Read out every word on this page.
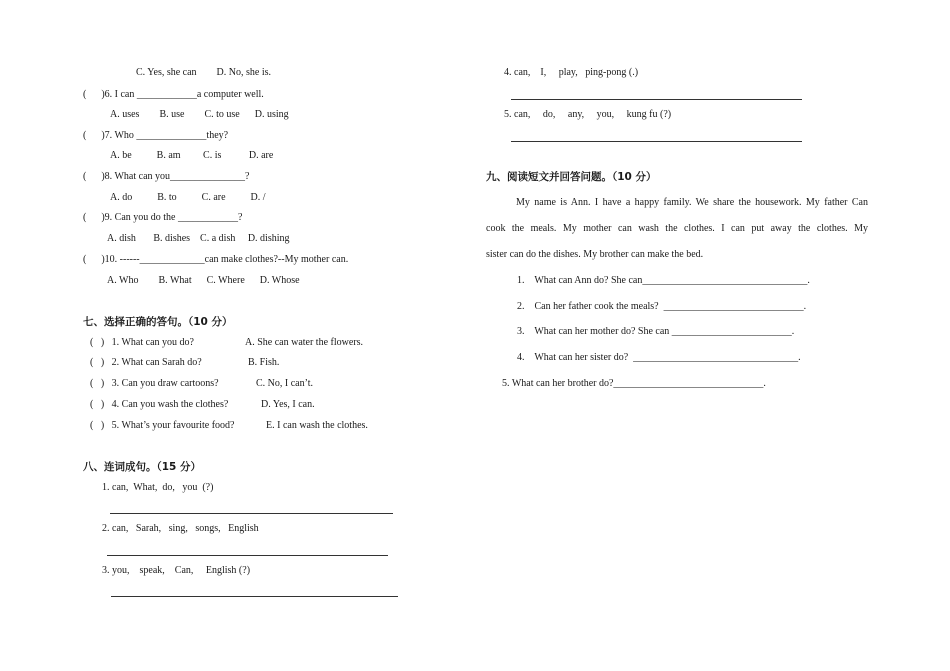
C. Yes, she can        D. No, she is.
(      )6. I can ____________a computer well.
A. uses        B. use        C. to use      D. using
(      )7. Who ______________they?
A. be          B. am         C. is           D. are
(      )8. What can you_______________?
A. do          B. to          C. are          D. /
(      )9. Can you do the ____________?
A. dish       B. dishes    C. a dish     D. dishing
(      )10. ------_____________can make clothes?--My mother can.
A. Who        B. What      C. Where      D. Whose
七、选择正确的答句。（10 分）
(   )   1. What can you do?	A. She can water the flowers.
(   )   2. What can Sarah do?	B. Fish.
(   )   3. Can you draw cartoons?	C. No, I can’t.
(   )   4. Can you wash the clothes?	D. Yes, I can.
(   )   5. What’s your favourite food?	E. I can wash the clothes.
八、连词成句。（15 分）
1. can,  What,  do,   you  (?)
2. can,   Sarah,   sing,   songs,   English
3. you,    speak,    Can,     English (?)
4. can,    I,     play,   ping-pong (.)
5. can,     do,     any,     you,     kung fu (?)
九、阅读短文并回答问题。（10 分）
My name is Ann. I have a happy family. We share the housework. My father Can
cook the meals. My mother can wash the clothes. I can put away the clothes. My
sister can do the dishes. My brother can make the bed.
1.    What can Ann do? She can_________________________________.
2.    Can her father cook the meals?  ____________________________.
3.    What can her mother do? She can ________________________.
4.    What can her sister do?  _________________________________.
5. What can her brother do?______________________________.
